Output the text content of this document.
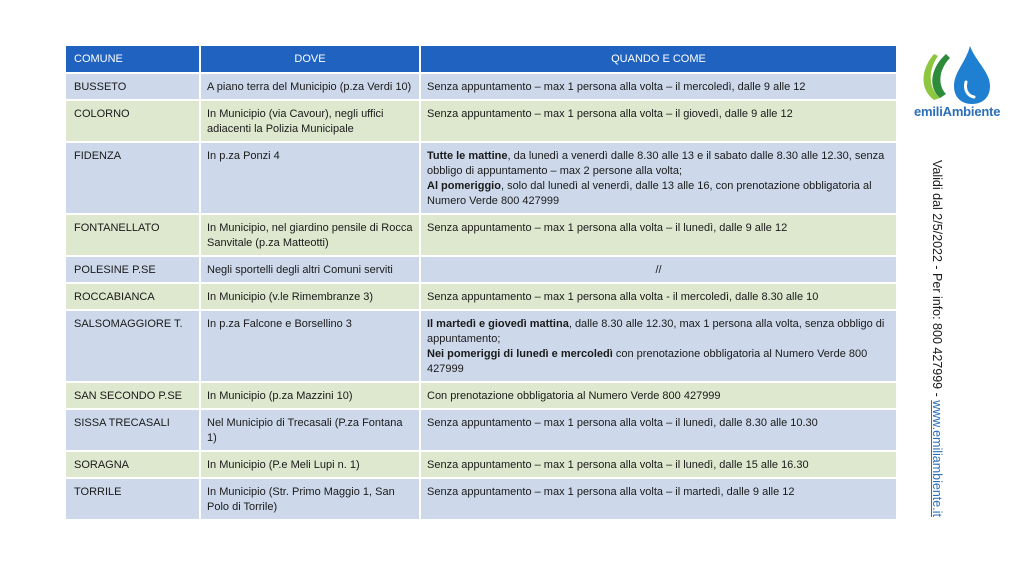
COMUNE	DOVE	QUANDO E COME
BUSSETO	A piano terra del Municipio (p.za Verdi 10)	Senza appuntamento – max 1 persona alla volta – il mercoledì, dalle 9 alle 12
COLORNO	In Municipio (via Cavour), negli uffici adiacenti la Polizia Municipale	Senza appuntamento – max 1 persona alla volta – il giovedì, dalle 9 alle 12
FIDENZA	In p.za Ponzi 4	Tutte le mattine, da lunedì a venerdì dalle 8.30 alle 13 e il sabato dalle 8.30 alle 12.30, senza obbligo di appuntamento – max 2 persone alla volta;
Al pomeriggio, solo dal lunedì al venerdì, dalle 13 alle 16, con prenotazione obbligatoria al Numero Verde 800 427999
FONTANELLATO	In Municipio, nel giardino pensile di Rocca Sanvitale (p.za Matteotti)	Senza appuntamento – max 1 persona alla volta – il lunedì, dalle 9 alle 12
POLESINE P.SE	Negli sportelli degli altri Comuni serviti	//
ROCCABIANCA	In Municipio (v.le Rimembranze 3)	Senza appuntamento – max 1 persona alla volta - il mercoledì, dalle 8.30 alle 10
SALSOMAGGIORE T.	In p.za Falcone e Borsellino 3	Il martedì e giovedì mattina, dalle 8.30 alle 12.30, max 1 persona alla volta, senza obbligo di appuntamento;
Nei pomeriggi di lunedì e mercoledì con prenotazione obbligatoria al Numero Verde 800 427999
SAN SECONDO P.SE	In Municipio (p.za Mazzini 10)	Con prenotazione obbligatoria al Numero Verde 800 427999
SISSA TRECASALI	Nel Municipio di Trecasali (P.za Fontana 1)	Senza appuntamento – max 1 persona alla volta – il lunedì, dalle 8.30 alle 10.30
SORAGNA	In Municipio (P.e Meli Lupi n. 1)	Senza appuntamento – max 1 persona alla volta – il lunedì, dalle 15 alle 16.30
TORRILE	In Municipio (Str. Primo Maggio 1, San Polo di Torrile)	Senza appuntamento – max 1 persona alla volta – il martedì, dalle 9 alle 12
emiliAmbiente
Validi dal 2/5/2022 - Per info: 800 427999 - www.emiliambiente.it
